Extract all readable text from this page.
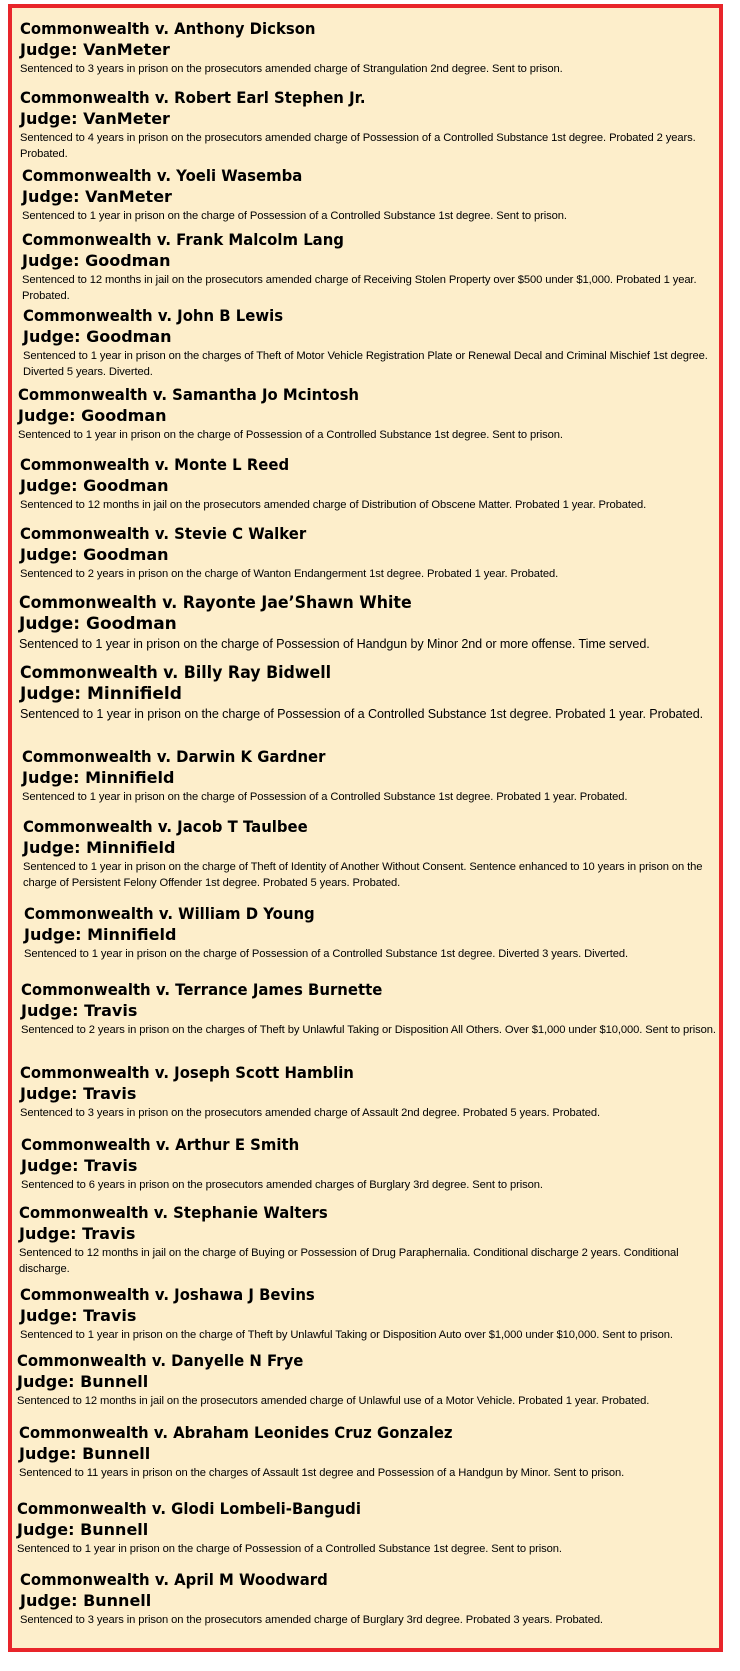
Commonwealth v. Anthony Dickson
Judge: VanMeter
Sentenced to 3 years in prison on the prosecutors amended charge of Strangulation 2nd degree. Sent to prison.
Commonwealth v. Robert Earl Stephen Jr.
Judge: VanMeter
Sentenced to 4 years in prison on the prosecutors amended charge of Possession of a Controlled Substance 1st degree. Probated 2 years. Probated.
Commonwealth v. Yoeli Wasemba
Judge: VanMeter
Sentenced to 1 year in prison on the charge of Possession of a Controlled Substance 1st degree. Sent to prison.
Commonwealth v. Frank Malcolm Lang
Judge: Goodman
Sentenced to 12 months in jail on the prosecutors amended charge of Receiving Stolen Property over $500 under $1,000. Probated 1 year. Probated.
Commonwealth v. John B Lewis
Judge: Goodman
Sentenced to 1 year in prison on the charges of Theft of Motor Vehicle Registration Plate or Renewal Decal and Criminal Mischief 1st degree. Diverted 5 years. Diverted.
Commonwealth v. Samantha Jo Mcintosh
Judge: Goodman
Sentenced to 1 year in prison on the charge of Possession of a Controlled Substance 1st degree. Sent to prison.
Commonwealth v. Monte L Reed
Judge: Goodman
Sentenced to 12 months in jail on the prosecutors amended charge of Distribution of Obscene Matter. Probated 1 year. Probated.
Commonwealth v. Stevie C Walker
Judge: Goodman
Sentenced to 2 years in prison on the charge of Wanton Endangerment 1st degree. Probated 1 year. Probated.
Commonwealth v. Rayonte Jae’Shawn White
Judge: Goodman
Sentenced to 1 year in prison on the charge of Possession of Handgun by Minor 2nd or more offense. Time served.
Commonwealth v. Billy Ray Bidwell
Judge: Minnifield
Sentenced to 1 year in prison on the charge of Possession of a Controlled Substance 1st degree. Probated 1 year. Probated.
Commonwealth v. Darwin K Gardner
Judge: Minnifield
Sentenced to 1 year in prison on the charge of Possession of a Controlled Substance 1st degree. Probated 1 year. Probated.
Commonwealth v. Jacob T Taulbee
Judge: Minnifield
Sentenced to 1 year in prison on the charge of Theft of Identity of Another Without Consent. Sentence enhanced to 10 years in prison on the charge of Persistent Felony Offender 1st degree. Probated 5 years. Probated.
Commonwealth v. William D Young
Judge: Minnifield
Sentenced to 1 year in prison on the charge of Possession of a Controlled Substance 1st degree. Diverted 3 years. Diverted.
Commonwealth v. Terrance James Burnette
Judge: Travis
Sentenced to 2 years in prison on the charges of Theft by Unlawful Taking or Disposition All Others. Over $1,000 under $10,000. Sent to prison.
Commonwealth v. Joseph Scott Hamblin
Judge: Travis
Sentenced to 3 years in prison on the prosecutors amended charge of Assault 2nd degree. Probated 5 years. Probated.
Commonwealth v. Arthur E Smith
Judge: Travis
Sentenced to 6 years in prison on the prosecutors amended charges of Burglary 3rd degree. Sent to prison.
Commonwealth v. Stephanie Walters
Judge: Travis
Sentenced to 12 months in jail on the charge of Buying or Possession of Drug Paraphernalia. Conditional discharge 2 years. Conditional discharge.
Commonwealth v. Joshawa J Bevins
Judge: Travis
Sentenced to 1 year in prison on the charge of Theft by Unlawful Taking or Disposition Auto over $1,000 under $10,000. Sent to prison.
Commonwealth v. Danyelle N Frye
Judge: Bunnell
Sentenced to 12 months in jail on the prosecutors amended charge of Unlawful use of a Motor Vehicle. Probated 1 year. Probated.
Commonwealth v. Abraham Leonides Cruz Gonzalez
Judge: Bunnell
Sentenced to 11 years in prison on the charges of Assault 1st degree and Possession of a Handgun by Minor. Sent to prison.
Commonwealth v. Glodi Lombeli-Bangudi
Judge: Bunnell
Sentenced to 1 year in prison on the charge of Possession of a Controlled Substance 1st degree. Sent to prison.
Commonwealth v. April M Woodward
Judge: Bunnell
Sentenced to 3 years in prison on the prosecutors amended charge of Burglary 3rd degree. Probated 3 years. Probated.
